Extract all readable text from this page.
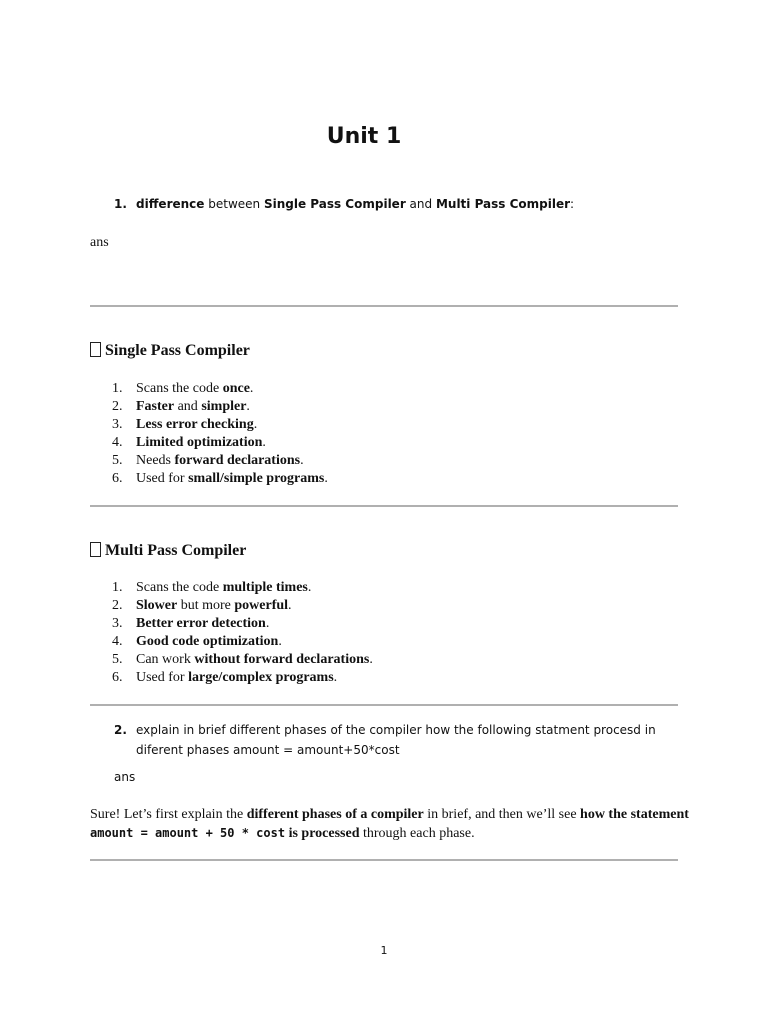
Unit 1

1. difference between Single Pass Compiler and Multi Pass Compiler:

ans

Single Pass Compiler

1. Scans the code once.
2. Faster and simpler.
3. Less error checking.
4. Limited optimization.
5. Needs forward declarations.
6. Used for small/simple programs.

Multi Pass Compiler

1. Scans the code multiple times.
2. Slower but more powerful.
3. Better error detection.
4. Good code optimization.
5. Can work without forward declarations.
6. Used for large/complex programs.

2. explain in brief different phases of the compiler how the following statment procesd in diferent phases amount = amount+50*cost

ans

Sure! Let’s first explain the different phases of a compiler in brief, and then we’ll see how the statement amount = amount + 50 * cost is processed through each phase.

1
